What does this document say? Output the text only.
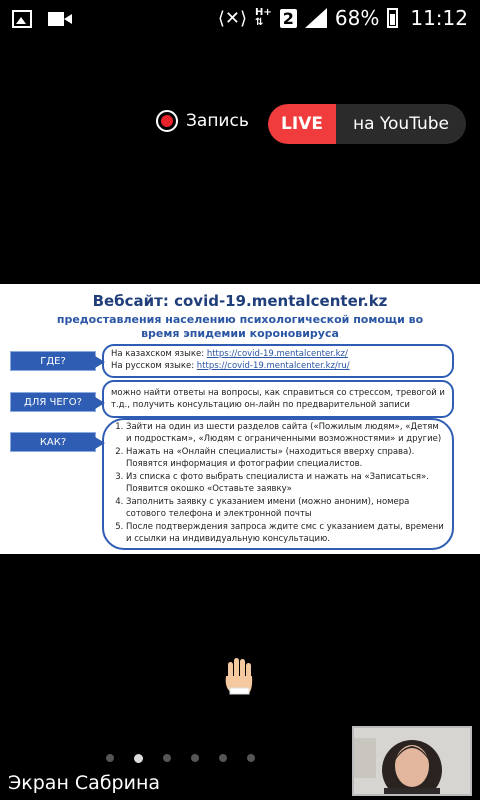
⟨✕⟩ H+
⇅	2 68% 11:12
Запись	LIVE	на YouTube
Вебсайт: covid-19.mentalcenter.kz
предоставления населению психологической помощи во время эпидемии короновируса
ГДЕ?
На казахском языке: https://covid-19.mentalcenter.kz/
На русском языке: https://covid-19.mentalcenter.kz/ru/
ДЛЯ ЧЕГО?
можно найти ответы на вопросы, как справиться со стрессом, тревогой и т.д., получить консультацию он-лайн по предварительной записи
КАК?
1. Зайти на один из шести разделов сайта («Пожилым людям», «Детям и подросткам», «Людям с ограниченными возможностями» и другие)
2. Нажать на «Онлайн специалисты» (находиться вверху справа). Появятся информация и фотографии специалистов.
3. Из списка с фото выбрать специалиста и нажать на «Записаться». Появится окошко «Оставьте заявку»
4. Заполнить заявку с указанием имени (можно аноним), номера сотового телефона и электронной почты
5. После подтверждения запроса ждите смс с указанием даты, времени и ссылки на индивидуальную консультацию.
Экран Сабрина
